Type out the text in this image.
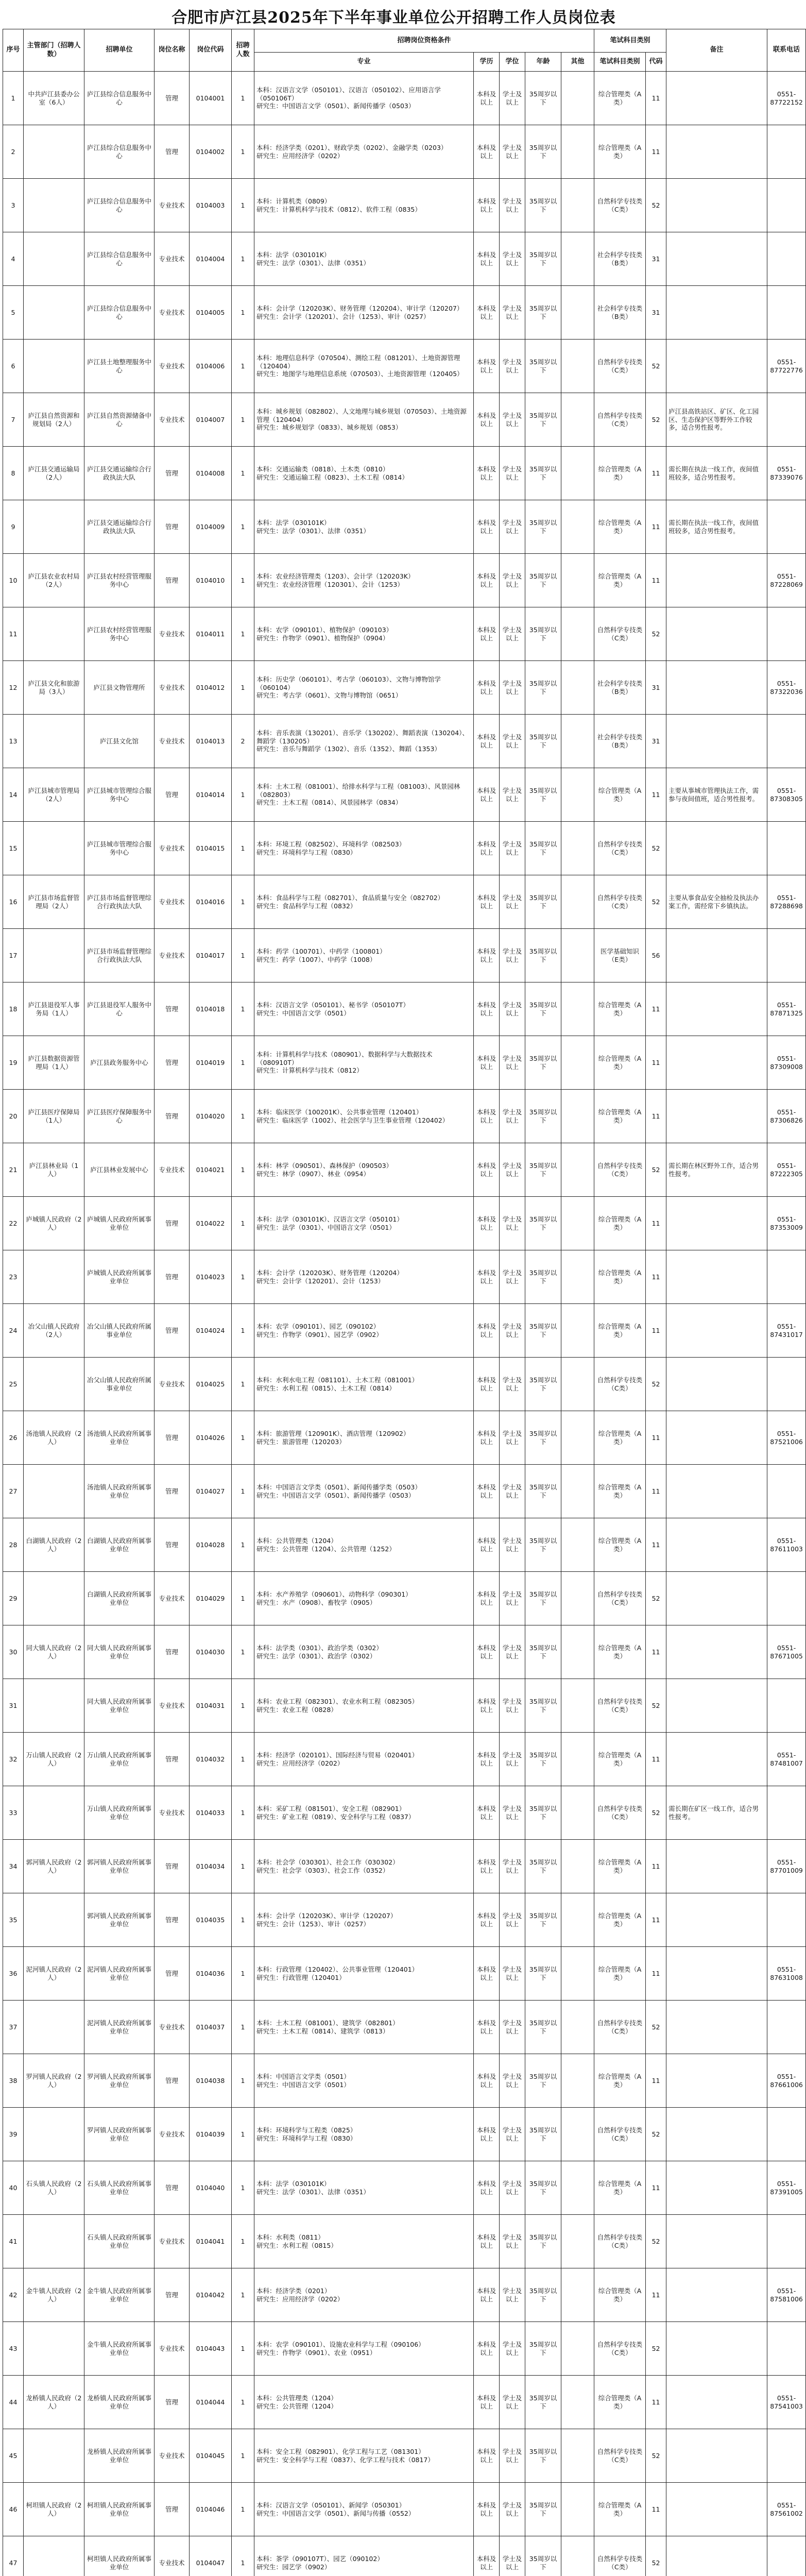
合肥市庐江县2025年下半年事业单位公开招聘工作人员岗位表
序号	主管部门（招聘人数）	招聘单位	岗位名称	岗位代码	招聘人数	招聘岗位资格条件					笔试科目类别		备注	联系电话
						专业	学历	学位	年龄	其他	笔试科目类别	代码		
1	中共庐江县委办公室（6人）	庐江县综合信息服务中心	管理	0104001	1	本科：汉语言文学（050101）、汉语言（050102）、应用语言学（050106T）
研究生：中国语言文学（0501）、新闻传播学（0503）	本科及以上	学士及以上	35周岁以下		综合管理类（A类）	11		0551-87722152
2		庐江县综合信息服务中心	管理	0104002	1	本科：经济学类（0201）、财政学类（0202）、金融学类（0203）
研究生：应用经济学（0202）	本科及以上	学士及以上	35周岁以下		综合管理类（A类）	11		
3		庐江县综合信息服务中心	专业技术	0104003	1	本科：计算机类（0809）
研究生：计算机科学与技术（0812）、软件工程（0835）	本科及以上	学士及以上	35周岁以下		自然科学专技类（C类）	52		
4		庐江县综合信息服务中心	专业技术	0104004	1	本科：法学（030101K）
研究生：法学（0301）、法律（0351）	本科及以上	学士及以上	35周岁以下		社会科学专技类（B类）	31		
5		庐江县综合信息服务中心	专业技术	0104005	1	本科：会计学（120203K）、财务管理（120204）、审计学（120207）
研究生：会计学（120201）、会计（1253）、审计（0257）	本科及以上	学士及以上	35周岁以下		社会科学专技类（B类）	31		
6		庐江县土地整理服务中心	专业技术	0104006	1	本科：地理信息科学（070504）、测绘工程（081201）、土地资源管理（120404）
研究生：地图学与地理信息系统（070503）、土地资源管理（120405）	本科及以上	学士及以上	35周岁以下		自然科学专技类（C类）	52		0551-87722776
7	庐江县自然资源和规划局（2人）	庐江县自然资源储备中心	专业技术	0104007	1	本科：城乡规划（082802）、人文地理与城乡规划（070503）、土地资源管理（120404）
研究生：城乡规划学（0833）、城乡规划（0853）	本科及以上	学士及以上	35周岁以下		自然科学专技类（C类）	52	庐江县高铁站区、矿区、化工园区、生态保护区等野外工作较多，适合男性报考。	
8	庐江县交通运输局（2人）	庐江县交通运输综合行政执法大队	管理	0104008	1	本科：交通运输类（0818）、土木类（0810）
研究生：交通运输工程（0823）、土木工程（0814）	本科及以上	学士及以上	35周岁以下		综合管理类（A类）	11	需长期在执法一线工作，夜间值班较多，适合男性报考。	0551-87339076
9		庐江县交通运输综合行政执法大队	管理	0104009	1	本科：法学（030101K）
研究生：法学（0301）、法律（0351）	本科及以上	学士及以上	35周岁以下		综合管理类（A类）	11	需长期在执法一线工作，夜间值班较多，适合男性报考。	
10	庐江县农业农村局（2人）	庐江县农村经营管理服务中心	管理	0104010	1	本科：农业经济管理类（1203）、会计学（120203K）
研究生：农业经济管理（120301）、会计（1253）	本科及以上	学士及以上	35周岁以下		综合管理类（A类）	11		0551-87228069
11		庐江县农村经营管理服务中心	专业技术	0104011	1	本科：农学（090101）、植物保护（090103）
研究生：作物学（0901）、植物保护（0904）	本科及以上	学士及以上	35周岁以下		自然科学专技类（C类）	52		
12	庐江县文化和旅游局（3人）	庐江县文物管理所	专业技术	0104012	1	本科：历史学（060101）、考古学（060103）、文物与博物馆学（060104）
研究生：考古学（0601）、文物与博物馆（0651）	本科及以上	学士及以上	35周岁以下		社会科学专技类（B类）	31		0551-87322036
13		庐江县文化馆	专业技术	0104013	2	本科：音乐表演（130201）、音乐学（130202）、舞蹈表演（130204）、舞蹈学（130205）
研究生：音乐与舞蹈学（1302）、音乐（1352）、舞蹈（1353）	本科及以上	学士及以上	35周岁以下		社会科学专技类（B类）	31		
14	庐江县城市管理局（2人）	庐江县城市管理综合服务中心	管理	0104014	1	本科：土木工程（081001）、给排水科学与工程（081003）、风景园林（082803）
研究生：土木工程（0814）、风景园林学（0834）	本科及以上	学士及以上	35周岁以下		综合管理类（A类）	11	主要从事城市管理执法工作，需参与夜间值班，适合男性报考。	0551-87308305
15		庐江县城市管理综合服务中心	专业技术	0104015	1	本科：环境工程（082502）、环境科学（082503）
研究生：环境科学与工程（0830）	本科及以上	学士及以上	35周岁以下		自然科学专技类（C类）	52		
16	庐江县市场监督管理局（2人）	庐江县市场监督管理综合行政执法大队	专业技术	0104016	1	本科：食品科学与工程（082701）、食品质量与安全（082702）
研究生：食品科学与工程（0832）	本科及以上	学士及以上	35周岁以下		自然科学专技类（C类）	52	主要从事食品安全抽检及执法办案工作，需经常下乡镇执法。	0551-87288698
17		庐江县市场监督管理综合行政执法大队	专业技术	0104017	1	本科：药学（100701）、中药学（100801）
研究生：药学（1007）、中药学（1008）	本科及以上	学士及以上	35周岁以下		医学基础知识（E类）	56		
18	庐江县退役军人事务局（1人）	庐江县退役军人服务中心	管理	0104018	1	本科：汉语言文学（050101）、秘书学（050107T）
研究生：中国语言文学（0501）	本科及以上	学士及以上	35周岁以下		综合管理类（A类）	11		0551-87871325
19	庐江县数据资源管理局（1人）	庐江县政务服务中心	管理	0104019	1	本科：计算机科学与技术（080901）、数据科学与大数据技术（080910T）
研究生：计算机科学与技术（0812）	本科及以上	学士及以上	35周岁以下		综合管理类（A类）	11		0551-87309008
20	庐江县医疗保障局（1人）	庐江县医疗保障服务中心	管理	0104020	1	本科：临床医学（100201K）、公共事业管理（120401）
研究生：临床医学（1002）、社会医学与卫生事业管理（120402）	本科及以上	学士及以上	35周岁以下		综合管理类（A类）	11		0551-87306826
21	庐江县林业局（1人）	庐江县林业发展中心	专业技术	0104021	1	本科：林学（090501）、森林保护（090503）
研究生：林学（0907）、林业（0954）	本科及以上	学士及以上	35周岁以下		自然科学专技类（C类）	52	需长期在林区野外工作，适合男性报考。	0551-87222305
22	庐城镇人民政府（2人）	庐城镇人民政府所属事业单位	管理	0104022	1	本科：法学（030101K）、汉语言文学（050101）
研究生：法学（0301）、中国语言文学（0501）	本科及以上	学士及以上	35周岁以下		综合管理类（A类）	11		0551-87353009
23		庐城镇人民政府所属事业单位	管理	0104023	1	本科：会计学（120203K）、财务管理（120204）
研究生：会计学（120201）、会计（1253）	本科及以上	学士及以上	35周岁以下		综合管理类（A类）	11		
24	冶父山镇人民政府（2人）	冶父山镇人民政府所属事业单位	管理	0104024	1	本科：农学（090101）、园艺（090102）
研究生：作物学（0901）、园艺学（0902）	本科及以上	学士及以上	35周岁以下		综合管理类（A类）	11		0551-87431017
25		冶父山镇人民政府所属事业单位	专业技术	0104025	1	本科：水利水电工程（081101）、土木工程（081001）
研究生：水利工程（0815）、土木工程（0814）	本科及以上	学士及以上	35周岁以下		自然科学专技类（C类）	52		
26	汤池镇人民政府（2人）	汤池镇人民政府所属事业单位	管理	0104026	1	本科：旅游管理（120901K）、酒店管理（120902）
研究生：旅游管理（120203）	本科及以上	学士及以上	35周岁以下		综合管理类（A类）	11		0551-87521006
27		汤池镇人民政府所属事业单位	管理	0104027	1	本科：中国语言文学类（0501）、新闻传播学类（0503）
研究生：中国语言文学（0501）、新闻传播学（0503）	本科及以上	学士及以上	35周岁以下		综合管理类（A类）	11		
28	白湖镇人民政府（2人）	白湖镇人民政府所属事业单位	管理	0104028	1	本科：公共管理类（1204）
研究生：公共管理（1204）、公共管理（1252）	本科及以上	学士及以上	35周岁以下		综合管理类（A类）	11		0551-87611003
29		白湖镇人民政府所属事业单位	专业技术	0104029	1	本科：水产养殖学（090601）、动物科学（090301）
研究生：水产（0908）、畜牧学（0905）	本科及以上	学士及以上	35周岁以下		自然科学专技类（C类）	52		
30	同大镇人民政府（2人）	同大镇人民政府所属事业单位	管理	0104030	1	本科：法学类（0301）、政治学类（0302）
研究生：法学（0301）、政治学（0302）	本科及以上	学士及以上	35周岁以下		综合管理类（A类）	11		0551-87671005
31		同大镇人民政府所属事业单位	专业技术	0104031	1	本科：农业工程（082301）、农业水利工程（082305）
研究生：农业工程（0828）	本科及以上	学士及以上	35周岁以下		自然科学专技类（C类）	52		
32	万山镇人民政府（2人）	万山镇人民政府所属事业单位	管理	0104032	1	本科：经济学（020101）、国际经济与贸易（020401）
研究生：应用经济学（0202）	本科及以上	学士及以上	35周岁以下		综合管理类（A类）	11		0551-87481007
33		万山镇人民政府所属事业单位	专业技术	0104033	1	本科：采矿工程（081501）、安全工程（082901）
研究生：矿业工程（0819）、安全科学与工程（0837）	本科及以上	学士及以上	35周岁以下		自然科学专技类（C类）	52	需长期在矿区一线工作，适合男性报考。	
34	郭河镇人民政府（2人）	郭河镇人民政府所属事业单位	管理	0104034	1	本科：社会学（030301）、社会工作（030302）
研究生：社会学（0303）、社会工作（0352）	本科及以上	学士及以上	35周岁以下		综合管理类（A类）	11		0551-87701009
35		郭河镇人民政府所属事业单位	管理	0104035	1	本科：会计学（120203K）、审计学（120207）
研究生：会计（1253）、审计（0257）	本科及以上	学士及以上	35周岁以下		综合管理类（A类）	11		
36	泥河镇人民政府（2人）	泥河镇人民政府所属事业单位	管理	0104036	1	本科：行政管理（120402）、公共事业管理（120401）
研究生：行政管理（120401）	本科及以上	学士及以上	35周岁以下		综合管理类（A类）	11		0551-87631008
37		泥河镇人民政府所属事业单位	专业技术	0104037	1	本科：土木工程（081001）、建筑学（082801）
研究生：土木工程（0814）、建筑学（0813）	本科及以上	学士及以上	35周岁以下		自然科学专技类（C类）	52		
38	罗河镇人民政府（2人）	罗河镇人民政府所属事业单位	管理	0104038	1	本科：中国语言文学类（0501）
研究生：中国语言文学（0501）	本科及以上	学士及以上	35周岁以下		综合管理类（A类）	11		0551-87661006
39		罗河镇人民政府所属事业单位	专业技术	0104039	1	本科：环境科学与工程类（0825）
研究生：环境科学与工程（0830）	本科及以上	学士及以上	35周岁以下		自然科学专技类（C类）	52		
40	石头镇人民政府（2人）	石头镇人民政府所属事业单位	管理	0104040	1	本科：法学（030101K）
研究生：法学（0301）、法律（0351）	本科及以上	学士及以上	35周岁以下		综合管理类（A类）	11		0551-87391005
41		石头镇人民政府所属事业单位	专业技术	0104041	1	本科：水利类（0811）
研究生：水利工程（0815）	本科及以上	学士及以上	35周岁以下		自然科学专技类（C类）	52		
42	金牛镇人民政府（2人）	金牛镇人民政府所属事业单位	管理	0104042	1	本科：经济学类（0201）
研究生：应用经济学（0202）	本科及以上	学士及以上	35周岁以下		综合管理类（A类）	11		0551-87581006
43		金牛镇人民政府所属事业单位	专业技术	0104043	1	本科：农学（090101）、设施农业科学与工程（090106）
研究生：作物学（0901）、农业（0951）	本科及以上	学士及以上	35周岁以下		自然科学专技类（C类）	52		
44	龙桥镇人民政府（2人）	龙桥镇人民政府所属事业单位	管理	0104044	1	本科：公共管理类（1204）
研究生：公共管理（1204）	本科及以上	学士及以上	35周岁以下		综合管理类（A类）	11		0551-87541003
45		龙桥镇人民政府所属事业单位	专业技术	0104045	1	本科：安全工程（082901）、化学工程与工艺（081301）
研究生：安全科学与工程（0837）、化学工程与技术（0817）	本科及以上	学士及以上	35周岁以下		自然科学专技类（C类）	52		
46	柯坦镇人民政府（2人）	柯坦镇人民政府所属事业单位	管理	0104046	1	本科：汉语言文学（050101）、新闻学（050301）
研究生：中国语言文学（0501）、新闻与传播（0552）	本科及以上	学士及以上	35周岁以下		综合管理类（A类）	11		0551-87561002
47		柯坦镇人民政府所属事业单位	专业技术	0104047	1	本科：茶学（090107T）、园艺（090102）
研究生：园艺学（0902）	本科及以上	学士及以上	35周岁以下		自然科学专技类（C类）	52		
